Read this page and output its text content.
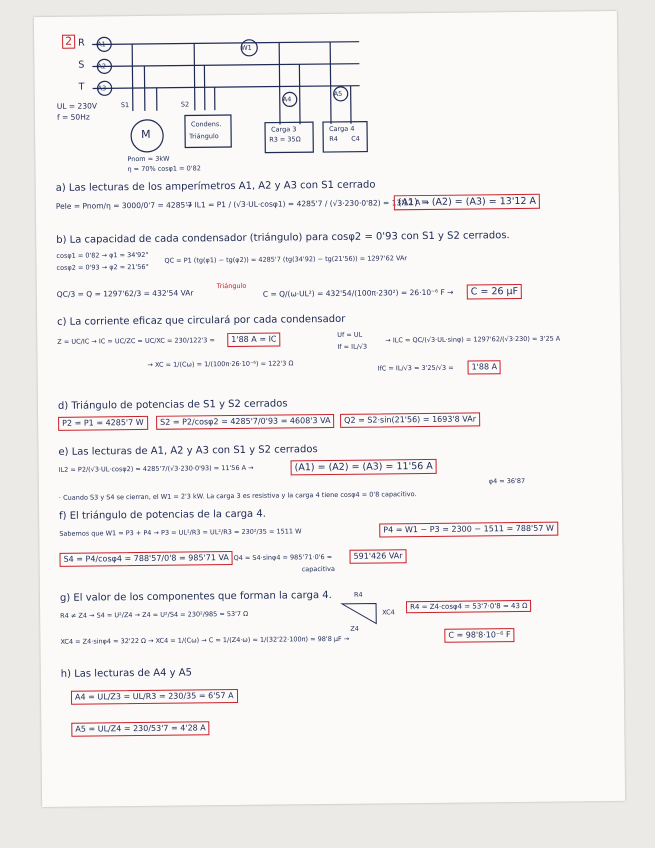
2 R
S
T
A1
A2
A3
W1
A4
A5
UL = 230V
f = 50Hz
S1	S2
M
Pnom = 3kW
η = 70% cosφ1 = 0'82
Condens.
Triángulo
Carga 3
R3 = 35Ω
Carga 4
R4 C4
a) Las lecturas de los amperímetros A1, A2 y A3 con S1 cerrado
Pele = Pnom/η = 3000/0'7 = 4285'7
→ IL1 = P1 / (√3·UL·cosφ1) = 4285'7 / (√3·230·0'82) = 13'12 A →
(A1) = (A2) = (A3) = 13'12 A
b) La capacidad de cada condensador (triángulo) para cosφ2 = 0'93 con S1 y S2 cerrados.
cosφ1 = 0'82 → φ1 = 34'92°
cosφ2 = 0'93 → φ2 = 21'56°
QC = P1 (tg(φ1) − tg(φ2)) = 4285'7 (tg(34'92) − tg(21'56)) = 1297'62 VAr
QC/3 = Q = 1297'62/3 = 432'54 VAr
Triángulo
C = Q/(ω·UL²) = 432'54/(100π·230²) = 26·10⁻⁶ F →	C = 26 µF
c) La corriente eficaz que circulará por cada condensador
Z = UC/IC → IC = UC/ZC = UC/XC = 230/122'3 =	1'88 A = IC
→ XC = 1/(Cω) = 1/(100π·26·10⁻⁶) = 122'3 Ω
Uf = UL
If = IL/√3
→ ILC = QC/(√3·UL·sinφ) = 1297'62/(√3·230) = 3'25 A
IfC = IL/√3 = 3'25/√3 =	1'88 A
d) Triángulo de potencias de S1 y S2 cerrados
P2 = P1 = 4285'7 W	S2 = P2/cosφ2 = 4285'7/0'93 = 4608'3 VA	Q2 = S2·sin(21'56) = 1693'8 VAr
e) Las lecturas de A1, A2 y A3 con S1 y S2 cerrados
IL2 = P2/(√3·UL·cosφ2) = 4285'7/(√3·230·0'93) = 11'56 A →	(A1) = (A2) = (A3) = 11'56 A
· Cuando S3 y S4 se cierran, el W1 = 2'3 kW. La carga 3 es resistiva y la carga 4 tiene cosφ4 = 0'8 capacitivo.
φ4 = 36'87
f) El triángulo de potencias de la carga 4.
Sabemos que W1 = P3 + P4 → P3 = UL²/R3 = UL²/R3 = 230²/35 = 1511 W	P4 = W1 − P3 = 2300 − 1511 = 788'57 W
S4 = P4/cosφ4 = 788'57/0'8 = 985'71 VA Q4 = S4·sinφ4 = 985'71·0'6 =	591'426 VAr
capacitiva
g) El valor de los componentes que forman la carga 4.
R4 ≠ Z4 → S4 = U²/Z4 → Z4 = U²/S4 = 230²/985 = 53'7 Ω
R4
XC4
Z4
R4 = Z4·cosφ4 = 53'7·0'8 = 43 Ω
XC4 = Z4·sinφ4 = 32'22 Ω → XC4 = 1/(Cω) → C = 1/(Z4·ω) = 1/(32'22·100π) = 98'8 µF →	C = 98'8·10⁻⁶ F
h) Las lecturas de A4 y A5
A4 = UL/Z3 = UL/R3 = 230/35 = 6'57 A
A5 = UL/Z4 = 230/53'7 = 4'28 A
